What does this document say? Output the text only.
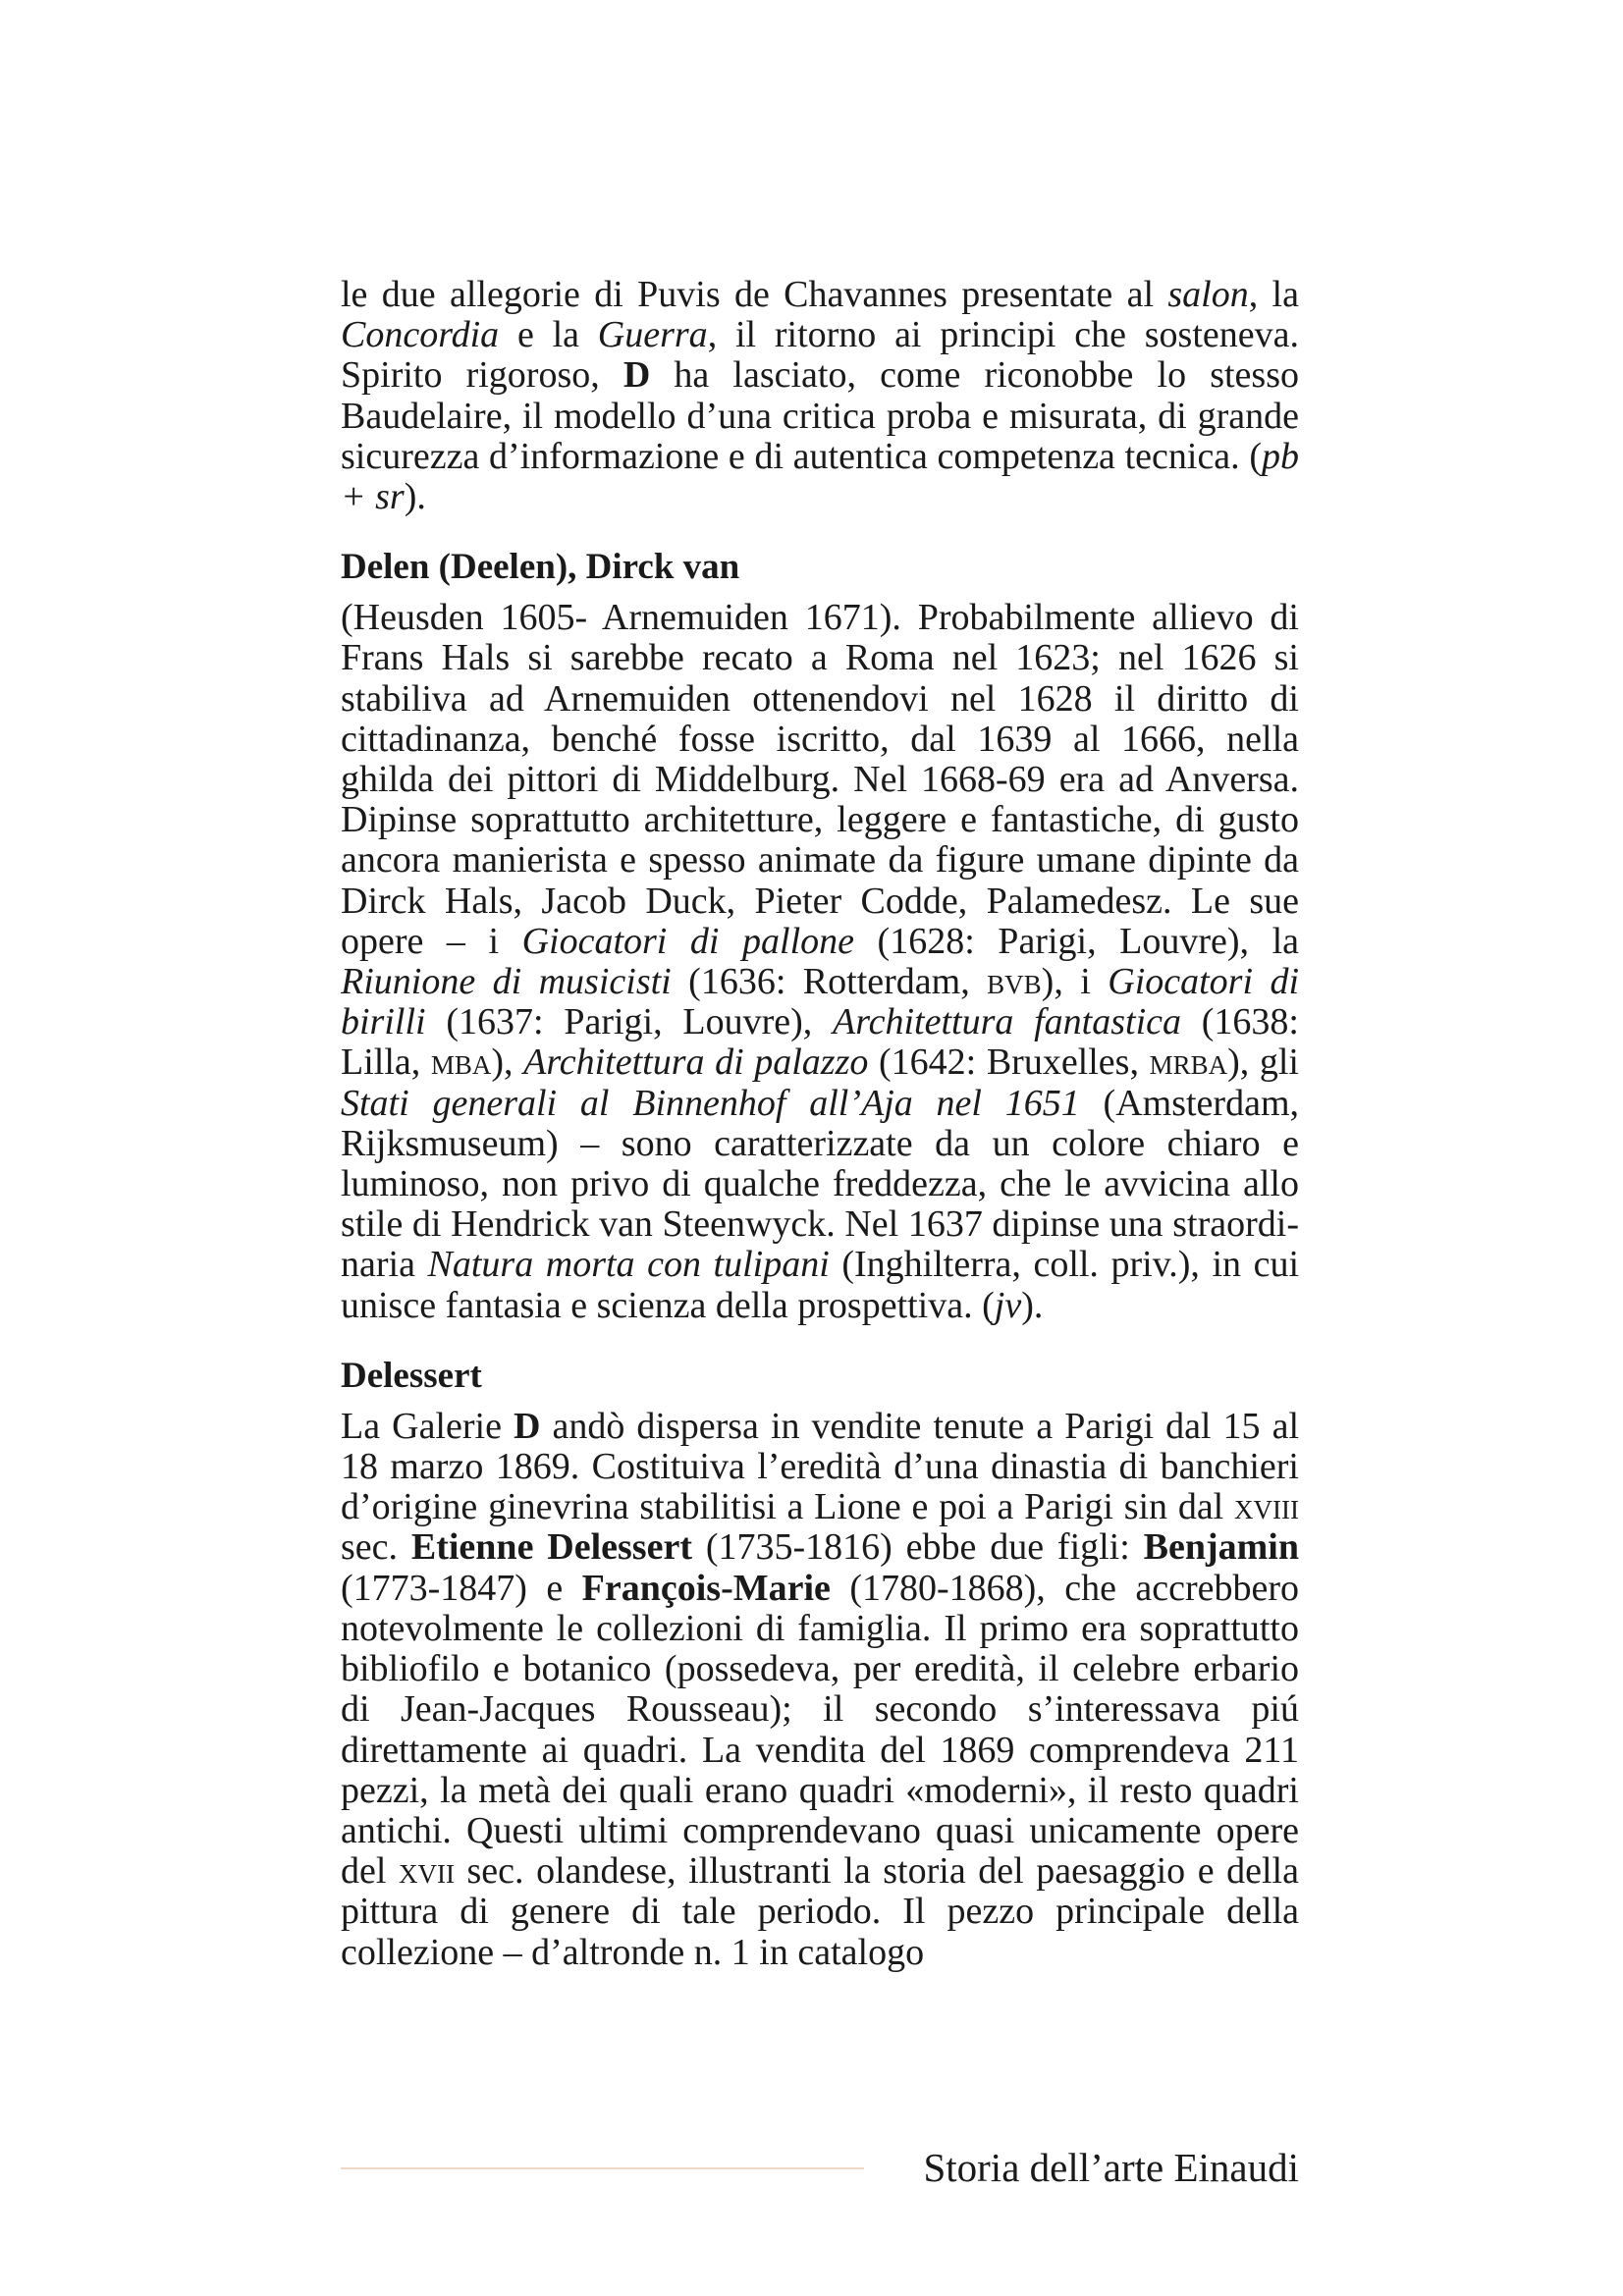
le due allegorie di Puvis de Chavannes presentate al salon, la Concordia e la Guerra, il ritorno ai principi che sosteneva. Spirito rigoroso, D ha lasciato, come riconobbe lo stesso Baudelaire, il modello d’una critica proba e misurata, di grande sicurezza d’informazione e di autentica competenza tecnica. (pb + sr).

Delen (Deelen), Dirck van

(Heusden 1605- Arnemuiden 1671). Probabilmente allievo di Frans Hals si sarebbe recato a Roma nel 1623; nel 1626 si stabiliva ad Arnemuiden ottenendovi nel 1628 il diritto di cittadinanza, benché fosse iscritto, dal 1639 al 1666, nella ghilda dei pittori di Middelburg. Nel 1668-69 era ad Anversa. Dipinse soprattutto architetture, leggere e fantastiche, di gusto ancora manierista e spesso animate da figure umane dipinte da Dirck Hals, Jacob Duck, Pieter Codde, Palamedesz. Le sue opere – i Giocatori di pallone (1628: Parigi, Louvre), la Riunione di musicisti (1636: Rotterdam, bvb), i Giocatori di birilli (1637: Parigi, Louvre), Architettura fantastica (1638: Lilla, mba), Architettura di palazzo (1642: Bruxelles, mrba), gli Stati generali al Binnenhof all’Aja nel 1651 (Amsterdam, Rijksmuseum) – sono caratterizzate da un colore chiaro e luminoso, non privo di qualche freddezza, che le avvicina allo stile di Hendrick van Steenwyck. Nel 1637 dipinse una straordinaria Natura morta con tulipani (Inghilterra, coll. priv.), in cui unisce fantasia e scienza della prospettiva. (jv).

Delessert

La Galerie D andò dispersa in vendite tenute a Parigi dal 15 al 18 marzo 1869. Costituiva l’eredità d’una dinastia di banchieri d’origine ginevrina stabilitisi a Lione e poi a Parigi sin dal xviii sec. Etienne Delessert (1735-1816) ebbe due figli: Benjamin (1773-1847) e François-Marie (1780-1868), che accrebbero notevolmente le collezioni di famiglia. Il primo era soprattutto bibliofilo e botanico (possedeva, per eredità, il celebre erbario di Jean-Jacques Rousseau); il secondo s’interessava piú direttamente ai quadri. La vendita del 1869 comprendeva 211 pezzi, la metà dei quali erano quadri «moderni», il resto quadri antichi. Questi ultimi comprendevano quasi unicamente opere del xvii sec. olandese, illustranti la storia del paesaggio e della pittura di genere di tale periodo. Il pezzo principale della collezione – d’altronde n. 1 in catalogo

Storia dell’arte Einaudi
